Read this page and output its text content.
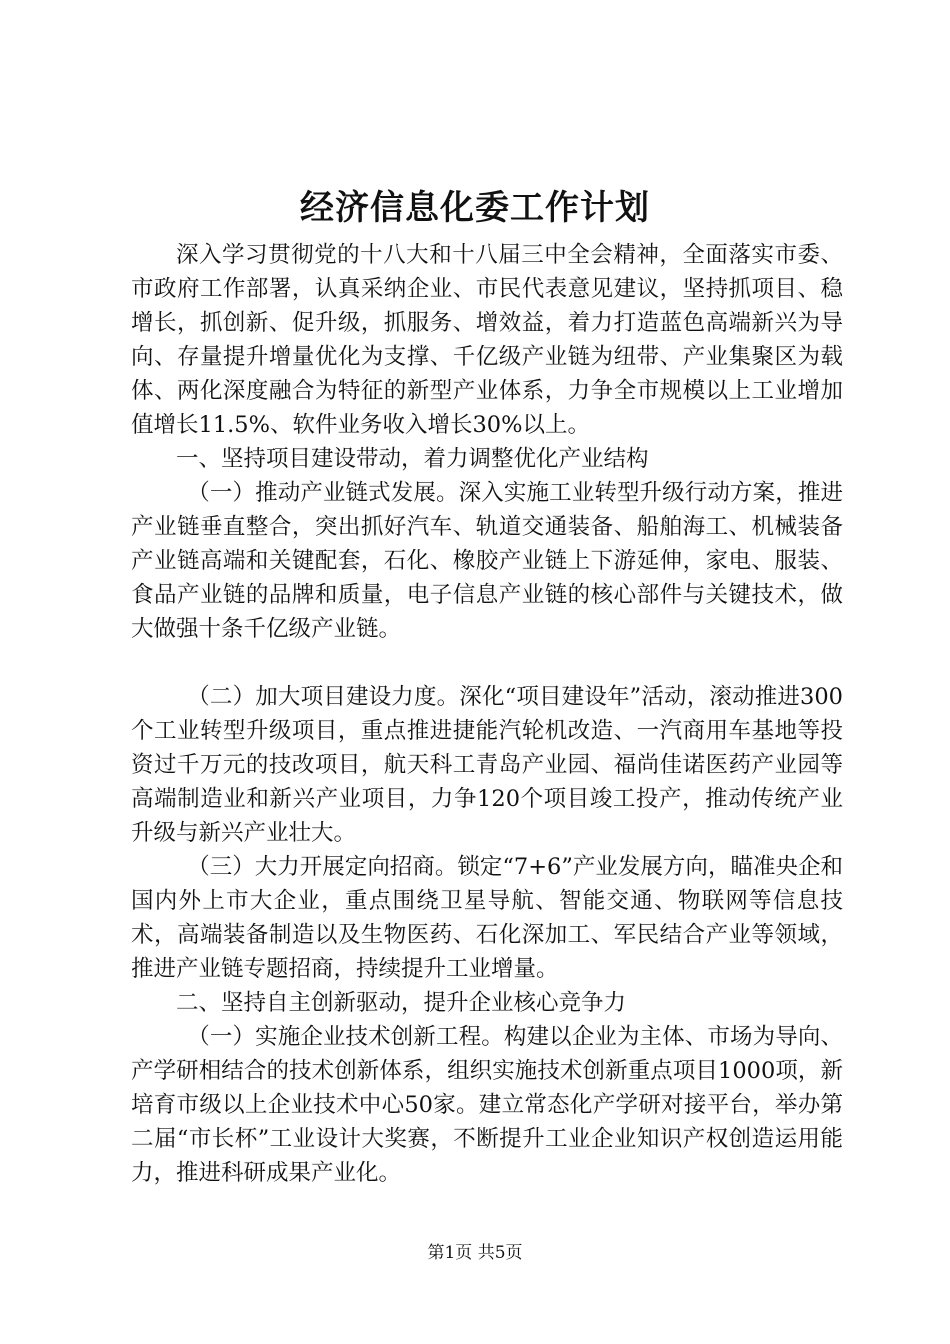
经济信息化委工作计划

深入学习贯彻党的十八大和十八届三中全会精神，全面落实市委、市政府工作部署，认真采纳企业、市民代表意见建议，坚持抓项目、稳增长，抓创新、促升级，抓服务、增效益，着力打造蓝色高端新兴为导向、存量提升增量优化为支撑、千亿级产业链为纽带、产业集聚区为载体、两化深度融合为特征的新型产业体系，力争全市规模以上工业增加值增长11.5%、软件业务收入增长30%以上。

一、坚持项目建设带动，着力调整优化产业结构

（一）推动产业链式发展。深入实施工业转型升级行动方案，推进产业链垂直整合，突出抓好汽车、轨道交通装备、船舶海工、机械装备产业链高端和关键配套，石化、橡胶产业链上下游延伸，家电、服装、食品产业链的品牌和质量，电子信息产业链的核心部件与关键技术，做大做强十条千亿级产业链。

（二）加大项目建设力度。深化“项目建设年”活动，滚动推进300个工业转型升级项目，重点推进捷能汽轮机改造、一汽商用车基地等投资过千万元的技改项目，航天科工青岛产业园、福尚佳诺医药产业园等高端制造业和新兴产业项目，力争120个项目竣工投产，推动传统产业升级与新兴产业壮大。

（三）大力开展定向招商。锁定“7+6”产业发展方向，瞄准央企和国内外上市大企业，重点围绕卫星导航、智能交通、物联网等信息技术，高端装备制造以及生物医药、石化深加工、军民结合产业等领域，推进产业链专题招商，持续提升工业增量。

二、坚持自主创新驱动，提升企业核心竞争力

（一）实施企业技术创新工程。构建以企业为主体、市场为导向、产学研相结合的技术创新体系，组织实施技术创新重点项目1000项，新培育市级以上企业技术中心50家。建立常态化产学研对接平台，举办第二届“市长杯”工业设计大奖赛，不断提升工业企业知识产权创造运用能力，推进科研成果产业化。

第1页 共5页
